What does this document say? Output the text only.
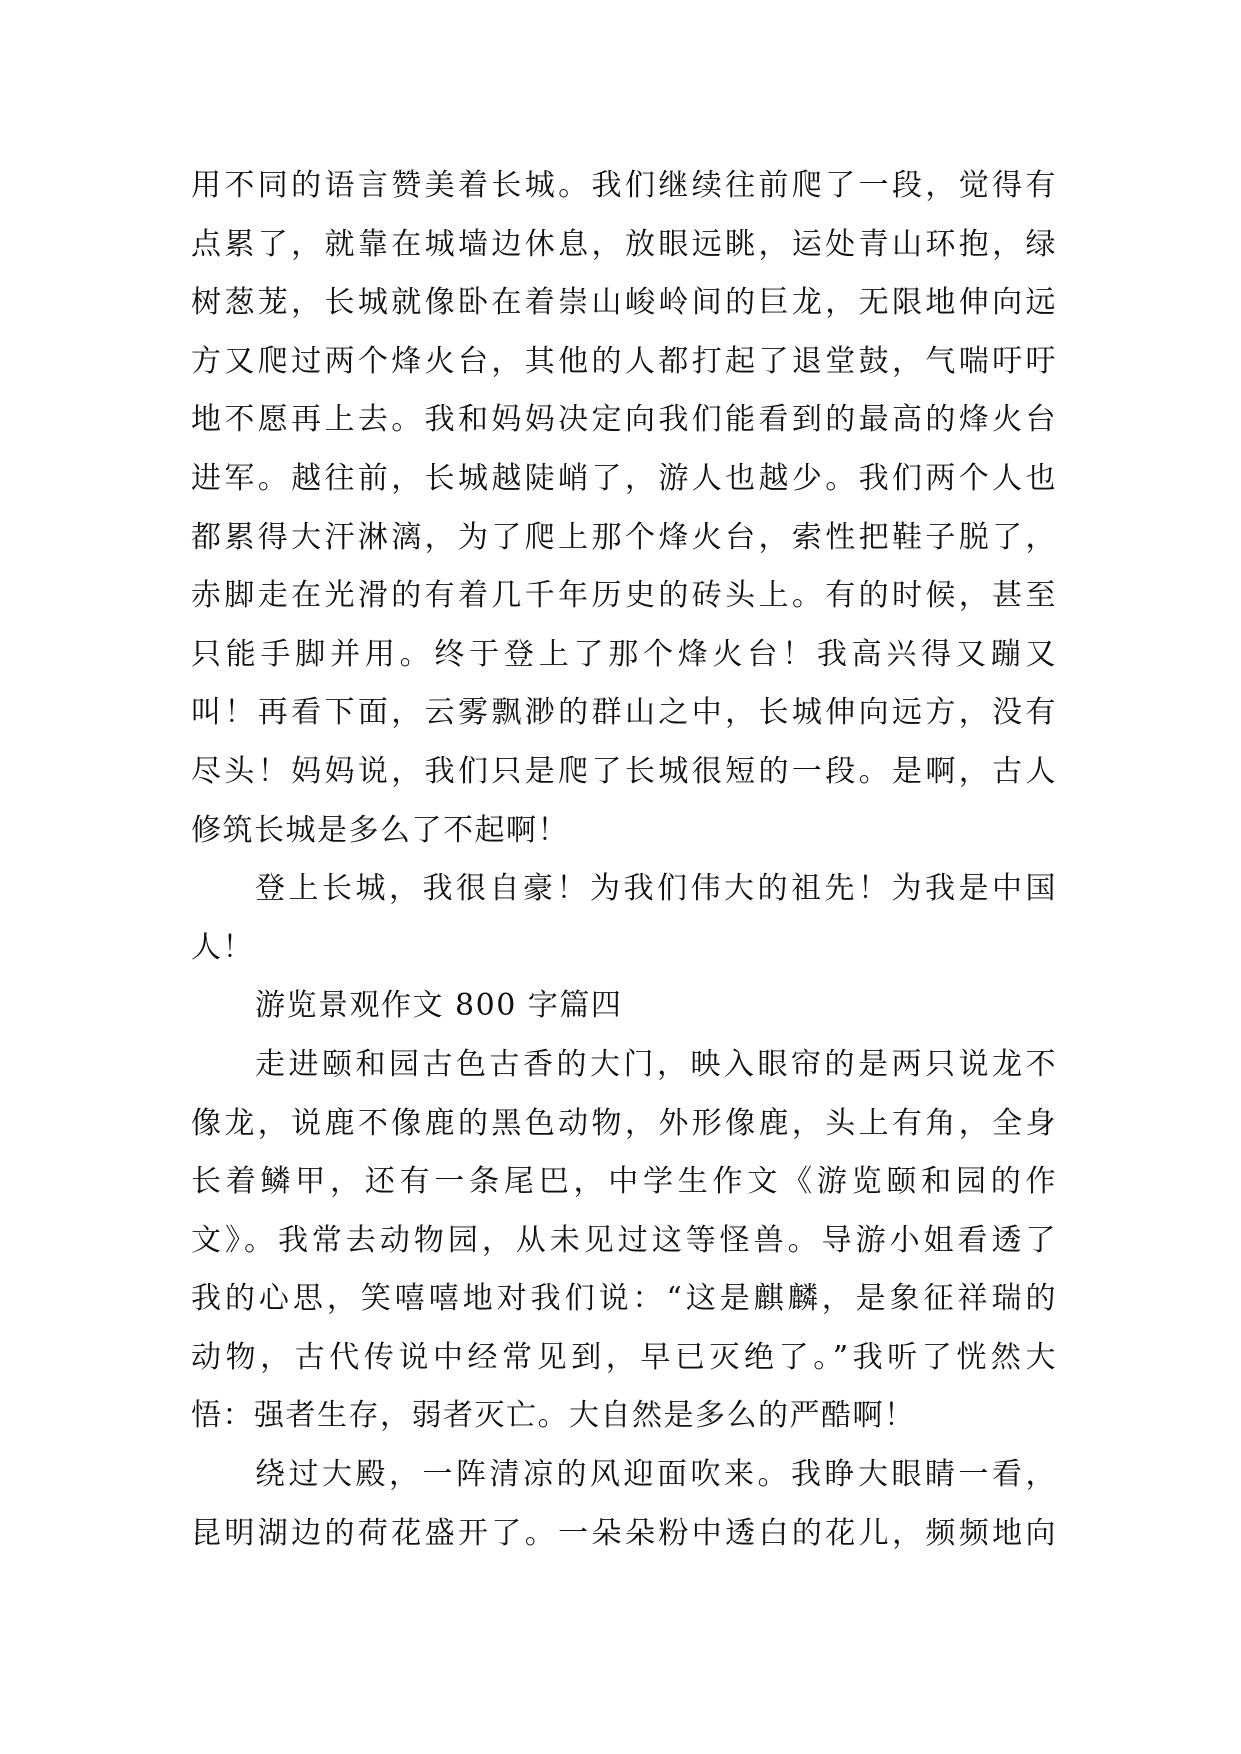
用不同的语言赞美着长城。我们继续往前爬了一段，觉得有
点累了，就靠在城墙边休息，放眼远眺，运处青山环抱，绿
树葱茏，长城就像卧在着崇山峻岭间的巨龙，无限地伸向远
方又爬过两个烽火台，其他的人都打起了退堂鼓，气喘吁吁
地不愿再上去。我和妈妈决定向我们能看到的最高的烽火台
进军。越往前，长城越陡峭了，游人也越少。我们两个人也
都累得大汗淋漓，为了爬上那个烽火台，索性把鞋子脱了，
赤脚走在光滑的有着几千年历史的砖头上。有的时候，甚至
只能手脚并用。终于登上了那个烽火台！我高兴得又蹦又
叫！再看下面，云雾飘渺的群山之中，长城伸向远方，没有
尽头！妈妈说，我们只是爬了长城很短的一段。是啊，古人
修筑长城是多么了不起啊！
登上长城，我很自豪！为我们伟大的祖先！为我是中国
人！
游览景观作文 800 字篇四
走进颐和园古色古香的大门，映入眼帘的是两只说龙不
像龙，说鹿不像鹿的黑色动物，外形像鹿，头上有角，全身
长着鳞甲，还有一条尾巴，中学生作文《游览颐和园的作
文》。我常去动物园，从未见过这等怪兽。导游小姐看透了
我的心思，笑嘻嘻地对我们说：“这是麒麟，是象征祥瑞的
动物，古代传说中经常见到，早已灭绝了。”我听了恍然大
悟：强者生存，弱者灭亡。大自然是多么的严酷啊！
绕过大殿，一阵清凉的风迎面吹来。我睁大眼睛一看，
昆明湖边的荷花盛开了。一朵朵粉中透白的花儿，频频地向
